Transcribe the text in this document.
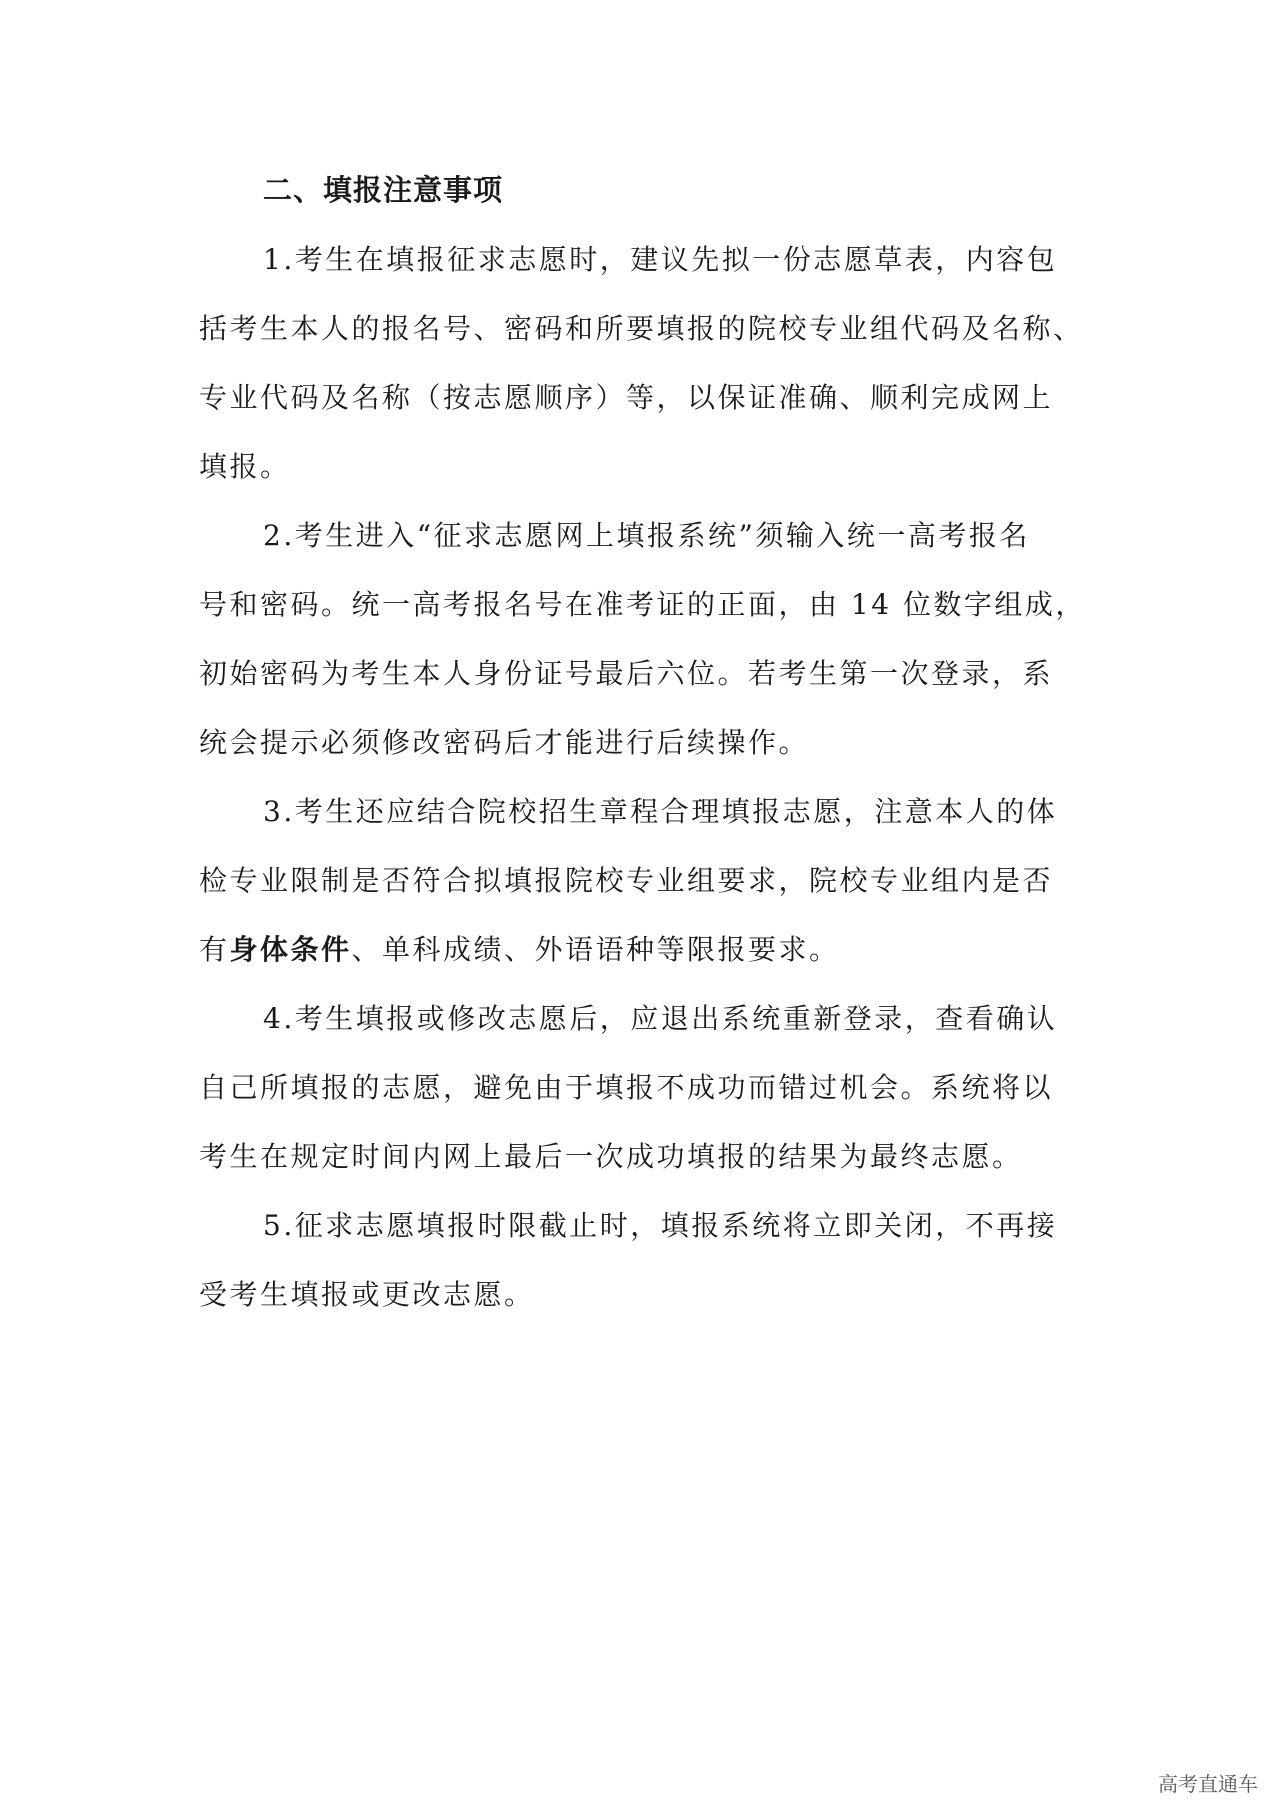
二、填报注意事项
1.考生在填报征求志愿时，建议先拟一份志愿草表，内容包
括考生本人的报名号、密码和所要填报的院校专业组代码及名称、
专业代码及名称（按志愿顺序）等，以保证准确、顺利完成网上
填报。
2.考生进入“征求志愿网上填报系统”须输入统一高考报名
号和密码。统一高考报名号在准考证的正面，由 14 位数字组成，
初始密码为考生本人身份证号最后六位。若考生第一次登录，系
统会提示必须修改密码后才能进行后续操作。
3.考生还应结合院校招生章程合理填报志愿，注意本人的体
检专业限制是否符合拟填报院校专业组要求，院校专业组内是否
有身体条件、单科成绩、外语语种等限报要求。
4.考生填报或修改志愿后，应退出系统重新登录，查看确认
自己所填报的志愿，避免由于填报不成功而错过机会。系统将以
考生在规定时间内网上最后一次成功填报的结果为最终志愿。
5.征求志愿填报时限截止时，填报系统将立即关闭，不再接
受考生填报或更改志愿。
高考直通车
